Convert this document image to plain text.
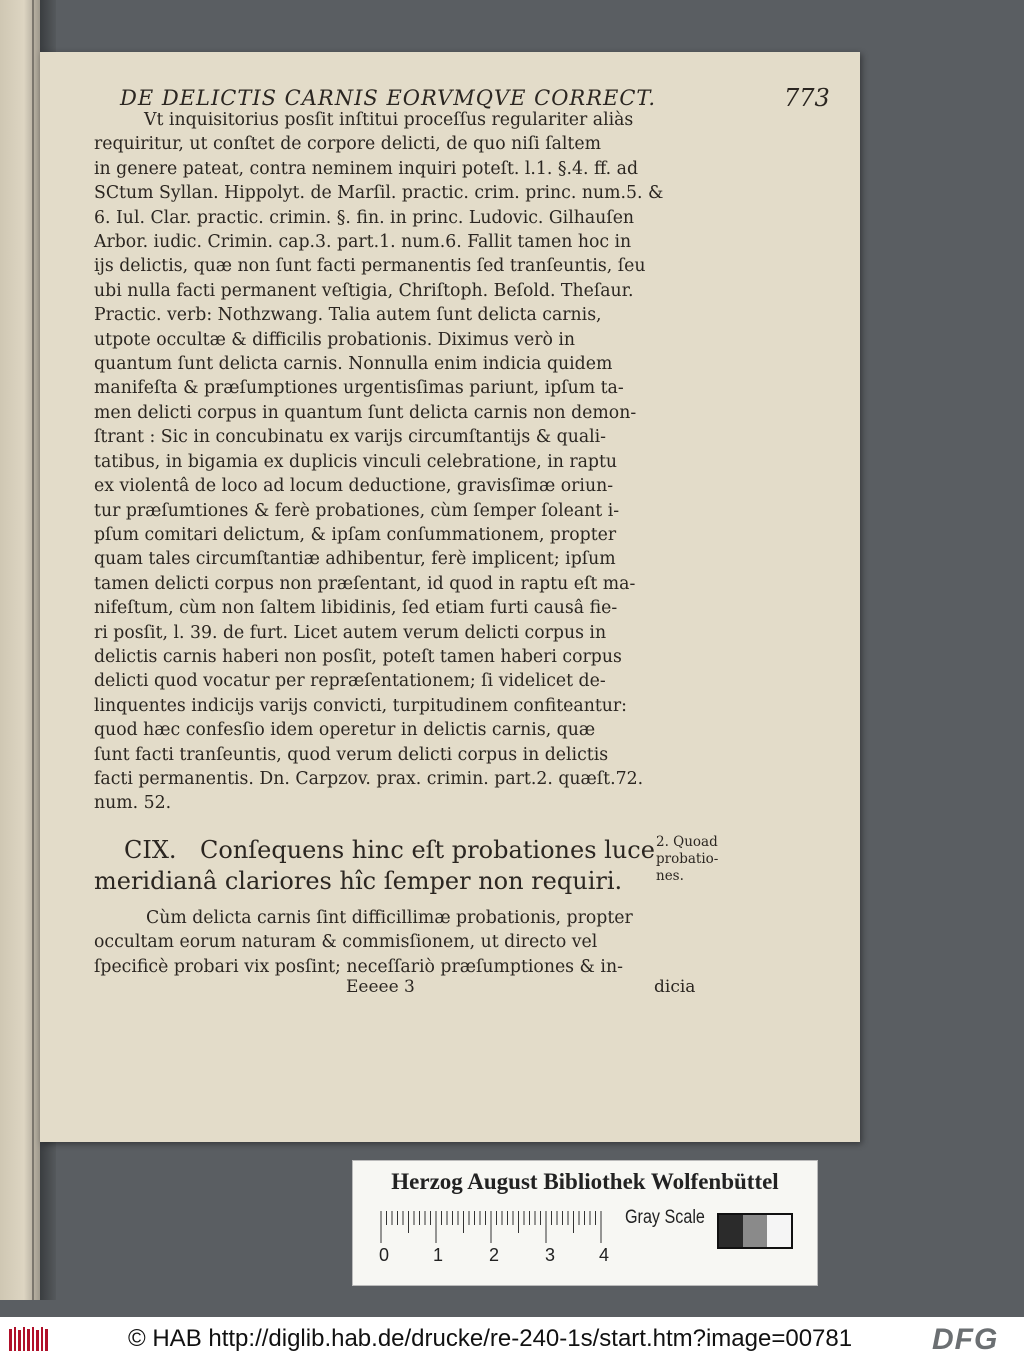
DE DELICTIS CARNIS EORVMQVE CORRECT.	773
Vt inquisitorius posſit inſtitui proceſſus regulariter aliàs
requiritur, ut conſtet de corpore delicti, de quo niſi ſaltem
in genere pateat, contra neminem inquiri poteſt. l.1. §.4. ff. ad
SCtum Syllan. Hippolyt. de Marſil. practic. crim. princ. num.5. &
6. Iul. Clar. practic. crimin. §. fin. in princ. Ludovic. Gilhauſen
Arbor. iudic. Crimin. cap.3. part.1. num.6. Fallit tamen hoc in
ijs delictis, quæ non ſunt facti permanentis ſed tranſeuntis, ſeu
ubi nulla facti permanent veſtigia, Chriſtoph. Beſold. Theſaur.
Practic. verb: Nothzwang. Talia autem ſunt delicta carnis,
utpote occultæ & difficilis probationis. Diximus verò in
quantum ſunt delicta carnis. Nonnulla enim indicia quidem
manifeſta & præſumptiones urgentisſimas pariunt, ipſum ta-
men delicti corpus in quantum ſunt delicta carnis non demon-
ſtrant : Sic in concubinatu ex varijs circumſtantijs & quali-
tatibus, in bigamia ex duplicis vinculi celebratione, in raptu
ex violentâ de loco ad locum deductione, gravisſimæ oriun-
tur præſumtiones & ferè probationes, cùm ſemper ſoleant i-
pſum comitari delictum, & ipſam conſummationem, propter
quam tales circumſtantiæ adhibentur, ferè implicent; ipſum
tamen delicti corpus non præſentant, id quod in raptu eſt ma-
nifeſtum, cùm non ſaltem libidinis, ſed etiam furti causâ fie-
ri posſit, l. 39. de furt. Licet autem verum delicti corpus in
delictis carnis haberi non posſit, poteſt tamen haberi corpus
delicti quod vocatur per repræſentationem; ſi videlicet de-
linquentes indicijs varijs convicti, turpitudinem confiteantur:
quod hæc confesſio idem operetur in delictis carnis, quæ
ſunt facti tranſeuntis, quod verum delicti corpus in delictis
facti permanentis. Dn. Carpzov. prax. crimin. part.2. quæſt.72.
num. 52.
CIX. Conſequens hinc eſt probationes luce
meridianâ clariores hîc ſemper non requiri.
2. Quoad
probatio-
nes.
Cùm delicta carnis ſint difficillimæ probationis, propter
occultam eorum naturam & commisſionem, ut directo vel
ſpecificè probari vix posſint; neceſſariò præſumptiones & in-
Eeeee 3	dicia
Herzog August Bibliothek Wolfenbüttel
0 1	2	3 4
Gray Scale
© HAB http://diglib.hab.de/drucke/re-240-1s/start.htm?image=00781	DFG
